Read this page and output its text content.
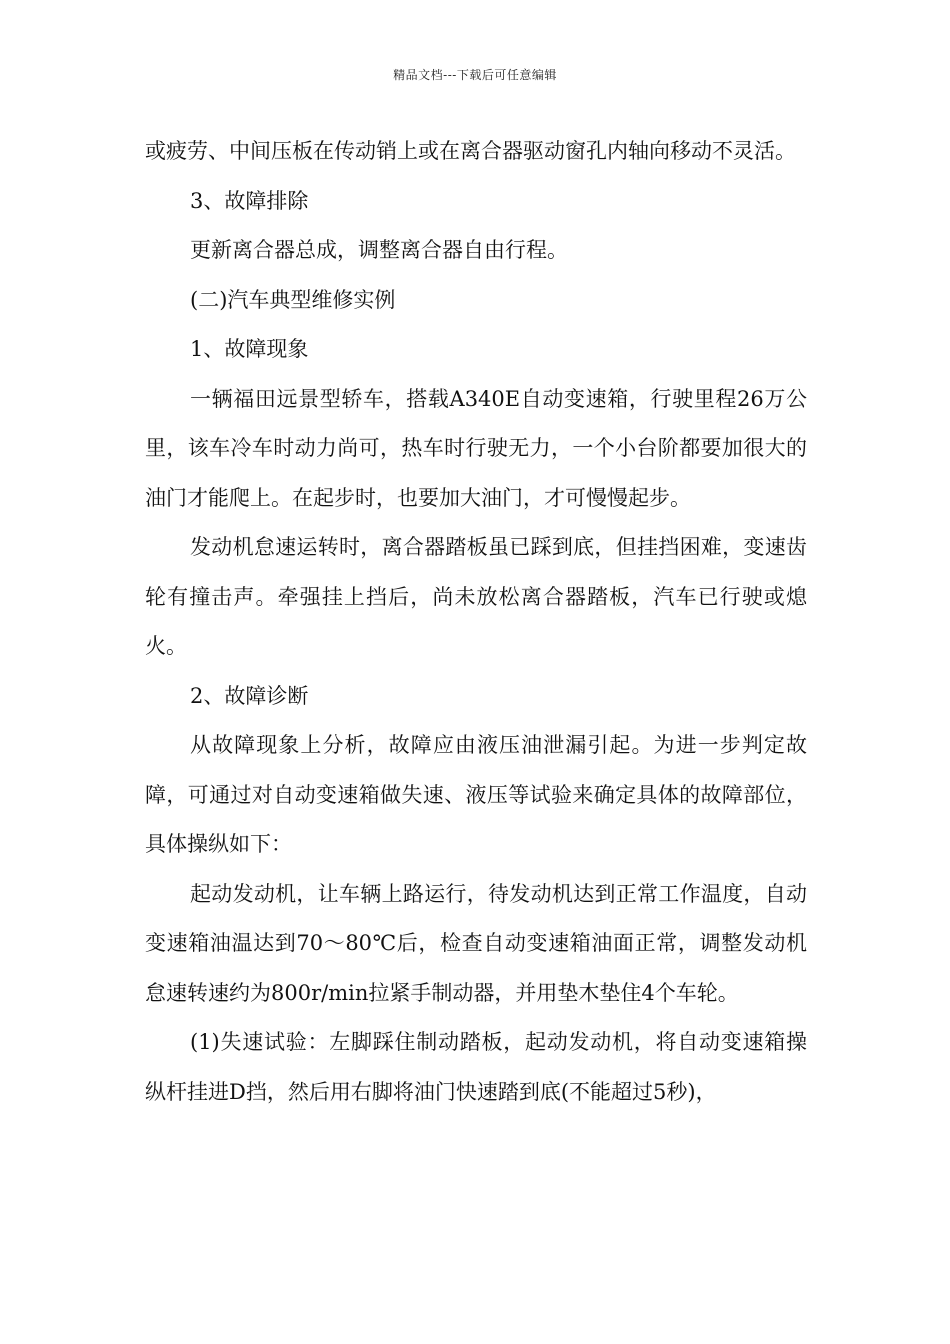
精品文档---下载后可任意编辑

或疲劳、中间压板在传动销上或在离合器驱动窗孔内轴向移动不灵活。

3、故障排除

更新离合器总成，调整离合器自由行程。

(二)汽车典型维修实例

1、故障现象

一辆福田远景型轿车，搭载A340E自动变速箱，行驶里程26万公里，该车冷车时动力尚可，热车时行驶无力，一个小台阶都要加很大的油门才能爬上。在起步时，也要加大油门，才可慢慢起步。

发动机怠速运转时，离合器踏板虽已踩到底，但挂挡困难，变速齿轮有撞击声。牵强挂上挡后，尚未放松离合器踏板，汽车已行驶或熄火。

2、故障诊断

从故障现象上分析，故障应由液压油泄漏引起。为进一步判定故障，可通过对自动变速箱做失速、液压等试验来确定具体的故障部位，具体操纵如下：

起动发动机，让车辆上路运行，待发动机达到正常工作温度，自动变速箱油温达到70～80℃后，检查自动变速箱油面正常，调整发动机怠速转速约为800r/min拉紧手制动器，并用垫木垫住4个车轮。

(1)失速试验：左脚踩住制动踏板，起动发动机，将自动变速箱操纵杆挂进D挡，然后用右脚将油门快速踏到底(不能超过5秒)，
